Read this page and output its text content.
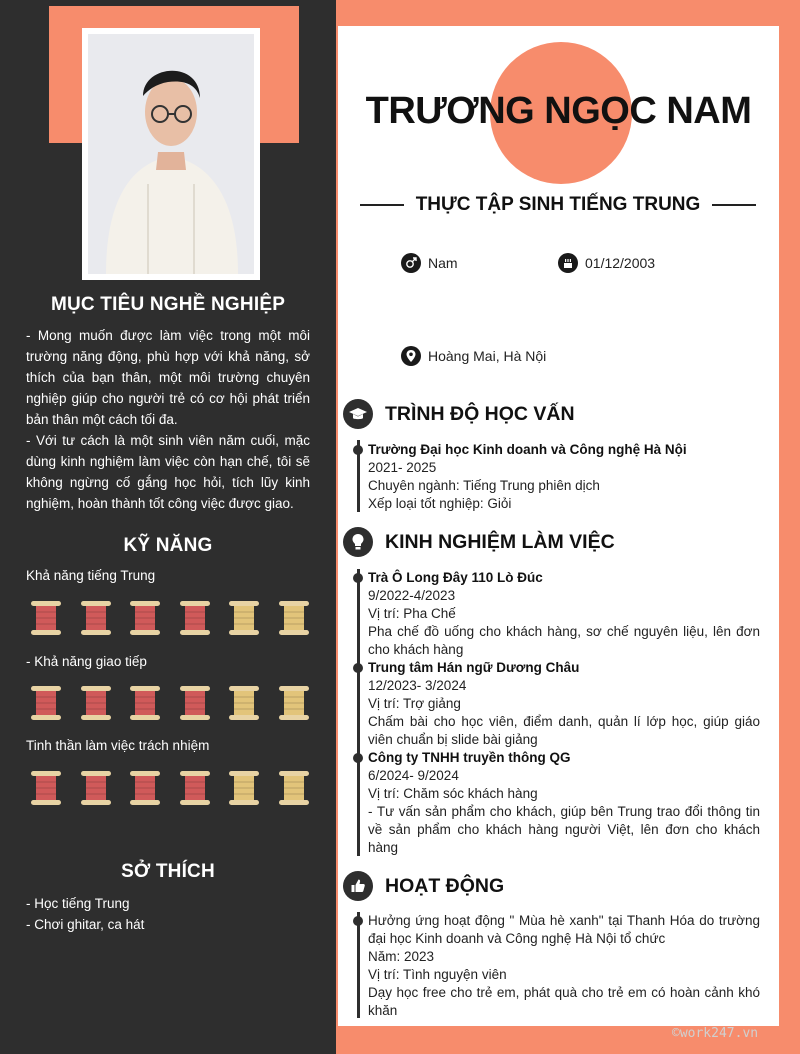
MỤC TIÊU NGHỀ NGHIỆP

- Mong muốn được làm việc trong một môi trường năng động, phù hợp với khả năng, sở thích của bạn thân, một môi trường chuyên nghiệp giúp cho người trẻ có cơ hội phát triển bản thân một cách tối đa.

- Với tư cách là một sinh viên năm cuối, mặc dùng kinh nghiệm làm việc còn hạn chế, tôi sẽ không ngừng cố gắng học hỏi, tích lũy kinh nghiệm, hoàn thành tốt công việc được giao.

KỸ NĂNG
Khả năng tiếng Trung
- Khả năng giao tiếp
Tinh thần làm việc trách nhiệm
SỞ THÍCH
- Học tiếng Trung
- Chơi ghitar, ca hát
TRƯƠNG NGỌC NAM
THỰC TẬP SINH TIẾNG TRUNG
Nam	01/12/2003
Hoàng Mai, Hà Nội
TRÌNH ĐỘ HỌC VẤN
Trường Đại học Kinh doanh và Công nghệ Hà Nội
2021- 2025
Chuyên ngành: Tiếng Trung phiên dịch
Xếp loại tốt nghiệp: Giỏi
KINH NGHIỆM LÀM VIỆC
Trà Ô Long Đây 110 Lò Đúc
9/2022-4/2023
Vị trí: Pha Chế
Pha chế đồ uống cho khách hàng, sơ chế nguyên liệu, lên đơn cho khách hàng
Trung tâm Hán ngữ Dương Châu
12/2023- 3/2024
Vị trí: Trợ giảng
Chấm bài cho học viên, điểm danh, quản lí lớp học, giúp giáo viên chuẩn bị slide bài giảng
Công ty TNHH truyền thông QG
6/2024- 9/2024
Vị trí: Chăm sóc khách hàng
- Tư vấn sản phẩm cho khách, giúp bên Trung trao đổi thông tin về sản phẩm cho khách hàng người Việt, lên đơn cho khách hàng
HOẠT ĐỘNG
Hưởng ứng hoạt động " Mùa hè xanh" tại Thanh Hóa do trường đại học Kinh doanh và Công nghệ Hà Nội tổ chức
Năm: 2023
Vị trí: Tình nguyện viên
Dạy học free cho trẻ em, phát quà cho trẻ em có hoàn cảnh khó khăn
©work247.vn
